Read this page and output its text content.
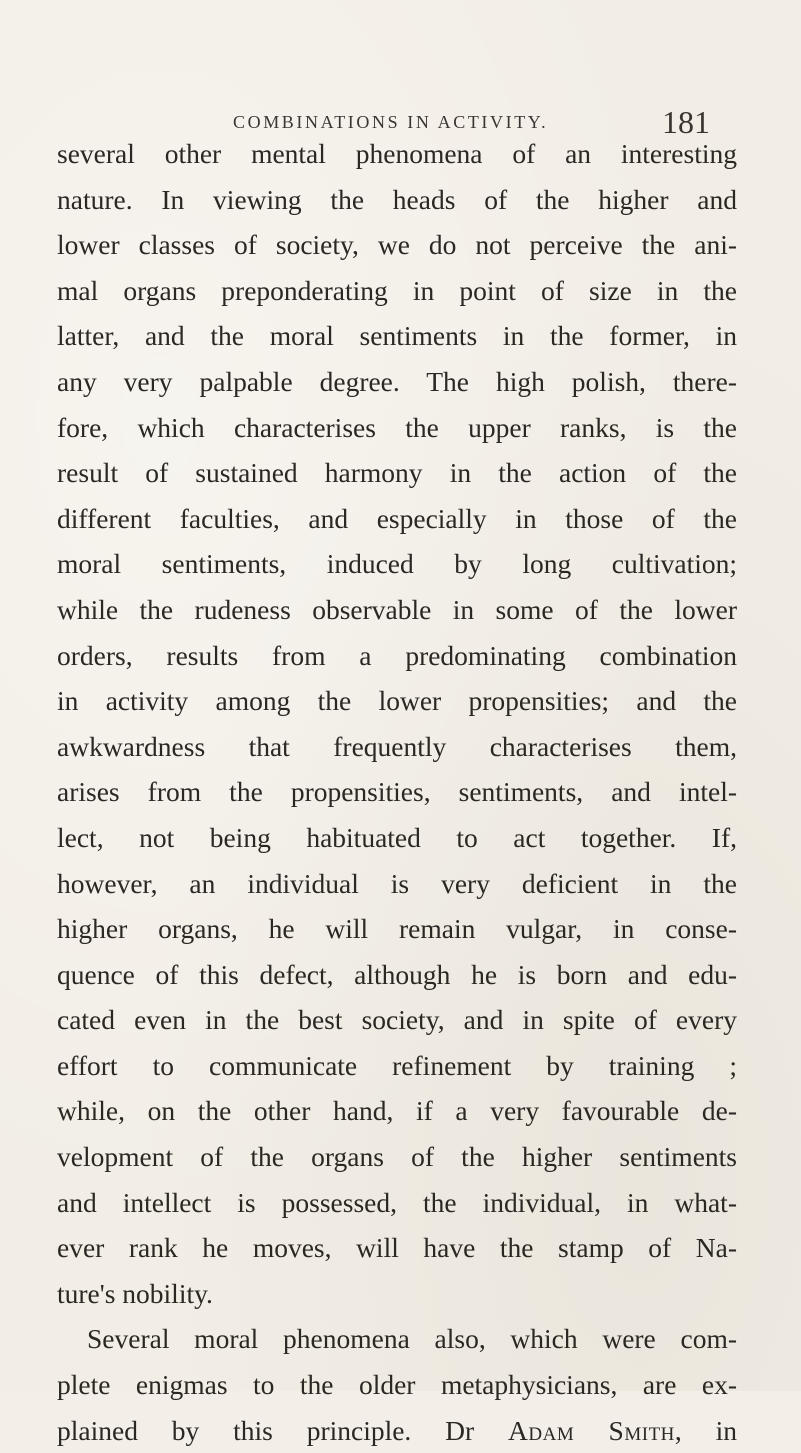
COMBINATIONS IN ACTIVITY.	181
several other mental phenomena of an interesting
nature. In viewing the heads of the higher and
lower classes of society, we do not perceive the ani-
mal organs preponderating in point of size in the
latter, and the moral sentiments in the former, in
any very palpable degree. The high polish, there-
fore, which characterises the upper ranks, is the
result of sustained harmony in the action of the
different faculties, and especially in those of the
moral sentiments, induced by long cultivation;
while the rudeness observable in some of the lower
orders, results from a predominating combination
in activity among the lower propensities; and the
awkwardness that frequently characterises them,
arises from the propensities, sentiments, and intel-
lect, not being habituated to act together. If,
however, an individual is very deficient in the
higher organs, he will remain vulgar, in conse-
quence of this defect, although he is born and edu-
cated even in the best society, and in spite of every
effort to communicate refinement by training ;
while, on the other hand, if a very favourable de-
velopment of the organs of the higher sentiments
and intellect is possessed, the individual, in what-
ever rank he moves, will have the stamp of Na-
ture's nobility.
Several moral phenomena also, which were com-
plete enigmas to the older metaphysicians, are ex-
plained by this principle. Dr Adam Smith, in
